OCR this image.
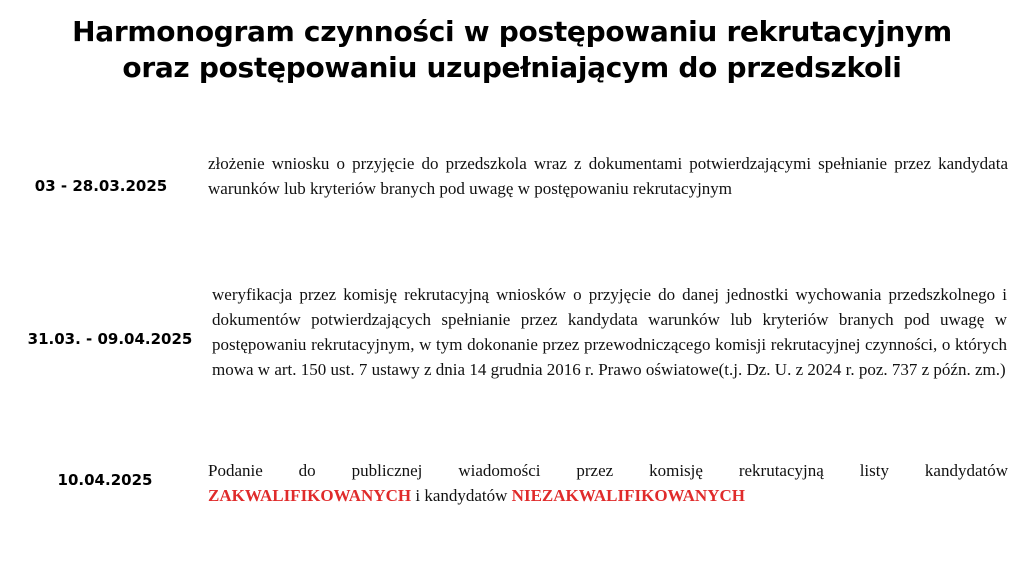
Harmonogram czynności w postępowaniu rekrutacyjnym
oraz postępowaniu uzupełniającym do przedszkoli
03 - 28.03.2025
złożenie wniosku o przyjęcie do przedszkola wraz z dokumentami potwierdzającymi spełnianie przez kandydata warunków lub kryteriów branych pod uwagę w postępowaniu rekrutacyjnym
31.03. - 09.04.2025
weryfikacja przez komisję rekrutacyjną wniosków o przyjęcie do danej jednostki wychowania przedszkolnego i dokumentów potwierdzających spełnianie przez kandydata warunków lub kryteriów branych pod uwagę w postępowaniu rekrutacyjnym, w tym dokonanie przez przewodniczącego komisji rekrutacyjnej czynności, o których mowa w art. 150 ust. 7 ustawy z dnia 14 grudnia 2016 r. Prawo oświatowe(t.j. Dz. U. z 2024 r. poz. 737 z późn. zm.)
10.04.2025	Podanie do publicznej wiadomości przez komisję rekrutacyjną listy kandydatów
ZAKWALIFIKOWANYCH i kandydatów NIEZAKWALIFIKOWANYCH
